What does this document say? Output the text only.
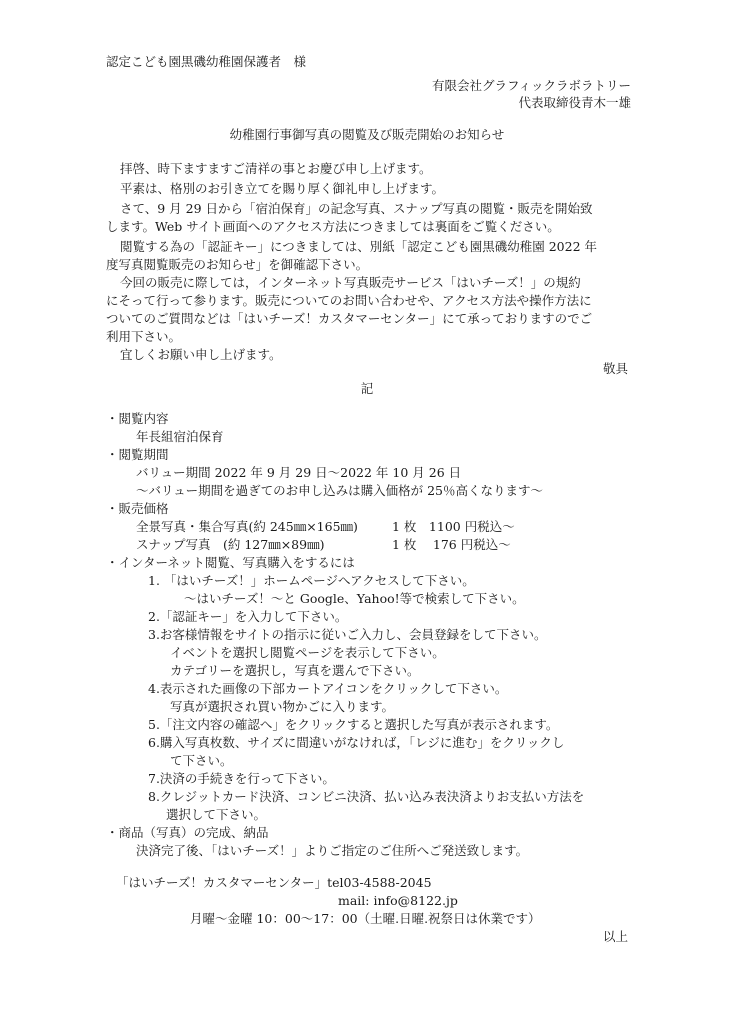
認定こども園黒磯幼稚園保護者　様
有限会社グラフィックラボラトリー
代表取締役青木一雄
幼稚園行事御写真の閲覧及び販売開始のお知らせ
拝啓、時下ますますご清祥の事とお慶び申し上げます。
平素は、格別のお引き立てを賜り厚く御礼申し上げます。
さて、9 月 29 日から「宿泊保育」の記念写真、スナップ写真の閲覧・販売を開始致
します。Web サイト画面へのアクセス方法につきましては裏面をご覧ください。
閲覧する為の「認証キー」につきましては、別紙「認定こども園黒磯幼稚園 2022 年
度写真閲覧販売のお知らせ」を御確認下さい。
今回の販売に際しては，インターネット写真販売サービス「はいチーズ！」の規約
にそって行って参ります。販売についてのお問い合わせや、アクセス方法や操作方法に
ついてのご質問などは「はいチーズ！カスタマーセンター」にて承っておりますのでご
利用下さい。
宜しくお願い申し上げます。
敬具
記
・閲覧内容
年長組宿泊保育
・閲覧期間
バリュー期間 2022 年 9 月 29 日〜2022 年 10 月 26 日
〜バリュー期間を過ぎてのお申し込みは購入価格が 25％高くなります〜
・販売価格
全景写真・集合写真(約 245㎜×165㎜)	1 枚　1100 円税込〜
スナップ写真　(約 127㎜×89㎜)	1 枚　 176 円税込〜
・インターネット閲覧、写真購入をするには
1. 「はいチーズ！」ホームページへアクセスして下さい。
〜はいチーズ！〜と Google、Yahoo!等で検索して下さい。
2.「認証キー」を入力して下さい。
3.お客様情報をサイトの指示に従いご入力し、会員登録をして下さい。
イベントを選択し閲覧ページを表示して下さい。
カテゴリーを選択し，写真を選んで下さい。
4.表示された画像の下部カートアイコンをクリックして下さい。
写真が選択され買い物かごに入ります。
5.「注文内容の確認へ」をクリックすると選択した写真が表示されます。
6.購入写真枚数、サイズに間違いがなければ，「レジに進む」をクリックし
て下さい。
7.決済の手続きを行って下さい。
8.クレジットカード決済、コンビニ決済、払い込み表決済よりお支払い方法を
選択して下さい。
・商品（写真）の完成、納品
決済完了後、「はいチーズ！」よりご指定のご住所へご発送致します。
「はいチーズ！カスタマーセンター」tel03-4588-2045
mail: info@8122.jp
月曜〜金曜 10：00〜17：00（土曜.日曜.祝祭日は休業です）
以上
